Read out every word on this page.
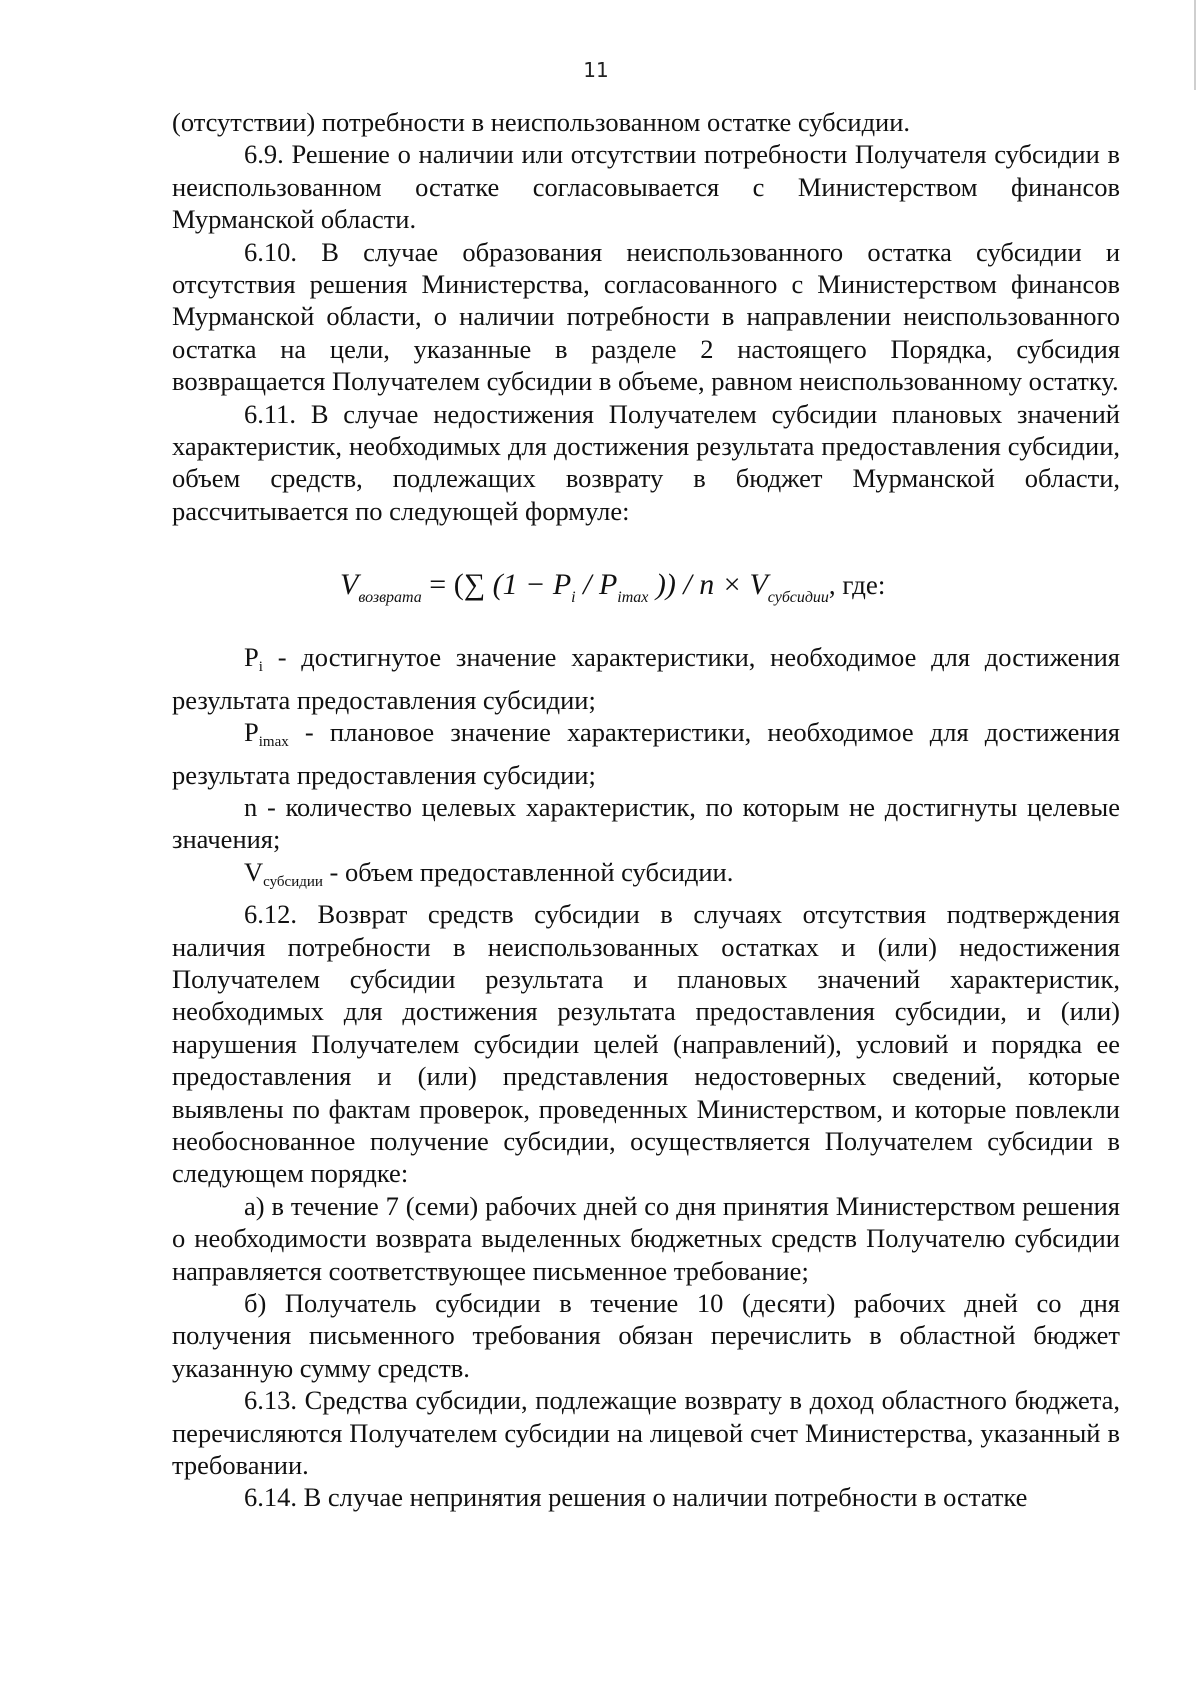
11

(отсутствии) потребности в неиспользованном остатке субсидии.

6.9. Решение о наличии или отсутствии потребности Получателя субсидии в неиспользованном остатке согласовывается с Министерством финансов Мурманской области.

6.10. В случае образования неиспользованного остатка субсидии и отсутствия решения Министерства, согласованного с Министерством финансов Мурманской области, о наличии потребности в направлении неиспользованного остатка на цели, указанные в разделе 2 настоящего Порядка, субсидия возвращается Получателем субсидии в объеме, равном неиспользованному остатку.

6.11. В случае недостижения Получателем субсидии плановых значений характеристик, необходимых для достижения результата предоставления субсидии, объем средств, подлежащих возврату в бюджет Мурманской области, рассчитывается по следующей формуле:

$V_{возврата}$ = (∑ ($1 - P_i / P_{imax}$ )) / $n \times V_{субсидии}$, где:

Pi - достигнутое значение характеристики, необходимое для достижения результата предоставления субсидии;

Pimax - плановое значение характеристики, необходимое для достижения результата предоставления субсидии;

n - количество целевых характеристик, по которым не достигнуты целевые значения;

Vсубсидии - объем предоставленной субсидии.

6.12. Возврат средств субсидии в случаях отсутствия подтверждения наличия потребности в неиспользованных остатках и (или) недостижения Получателем субсидии результата и плановых значений характеристик, необходимых для достижения результата предоставления субсидии, и (или) нарушения Получателем субсидии целей (направлений), условий и порядка ее предоставления и (или) представления недостоверных сведений, которые выявлены по фактам проверок, проведенных Министерством, и которые повлекли необоснованное получение субсидии, осуществляется Получателем субсидии в следующем порядке:

а) в течение 7 (семи) рабочих дней со дня принятия Министерством решения о необходимости возврата выделенных бюджетных средств Получателю субсидии направляется соответствующее письменное требование;

б) Получатель субсидии в течение 10 (десяти) рабочих дней со дня получения письменного требования обязан перечислить в областной бюджет указанную сумму средств.

6.13. Средства субсидии, подлежащие возврату в доход областного бюджета, перечисляются Получателем субсидии на лицевой счет Министерства, указанный в требовании.

6.14. В случае непринятия решения о наличии потребности в остатке
